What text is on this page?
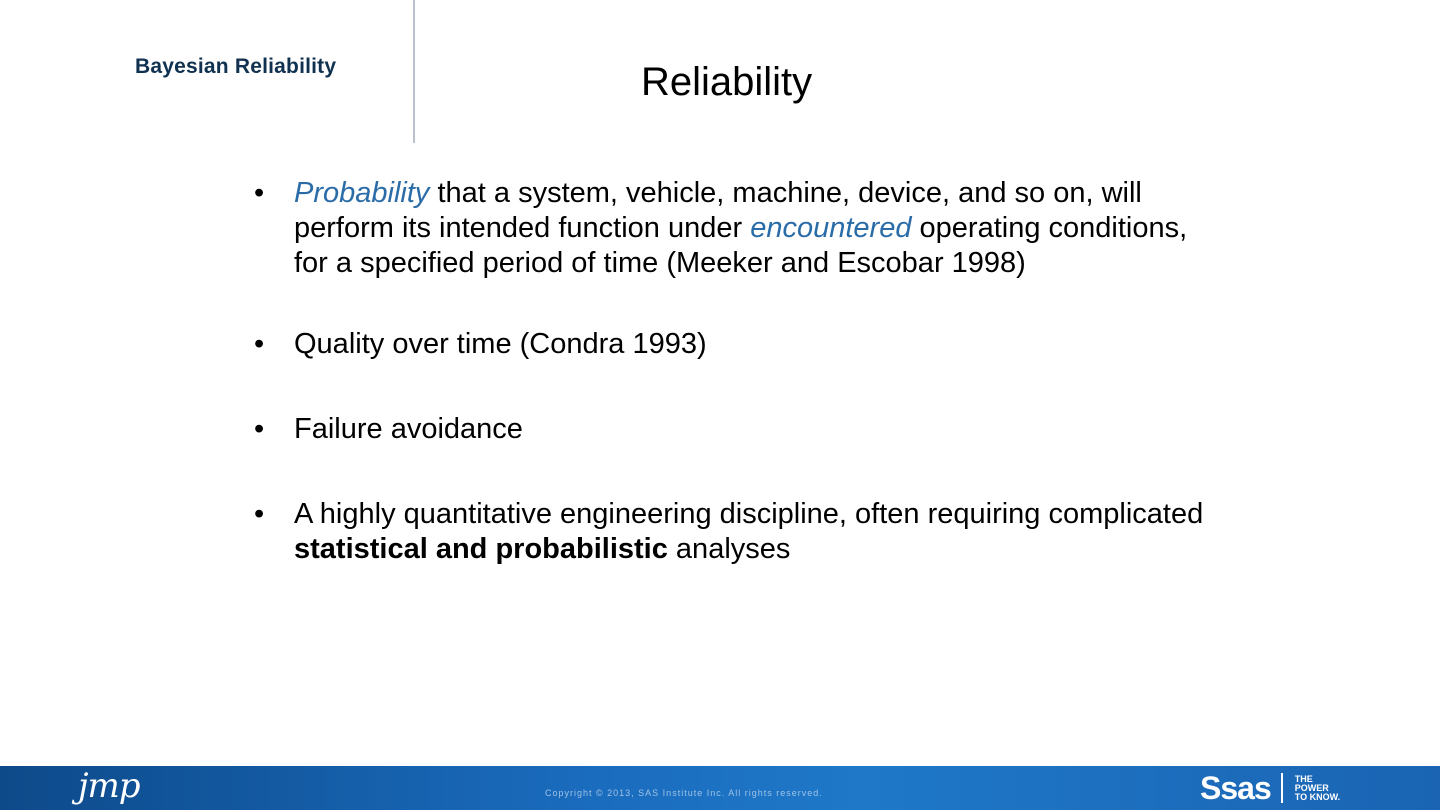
Bayesian Reliability	Reliability
•	Probability that a system, vehicle, machine, device, and so on, will perform its intended function under encountered operating conditions, for a specified period of time (Meeker and Escobar 1998)
•	Quality over time (Condra 1993)
•	Failure avoidance
•	A highly quantitative engineering discipline, often requiring complicated statistical and probabilistic analyses
jmp	Copyright © 2013, SAS Institute Inc. All rights reserved.	Ssas	THE
POWER
TO KNOW.
